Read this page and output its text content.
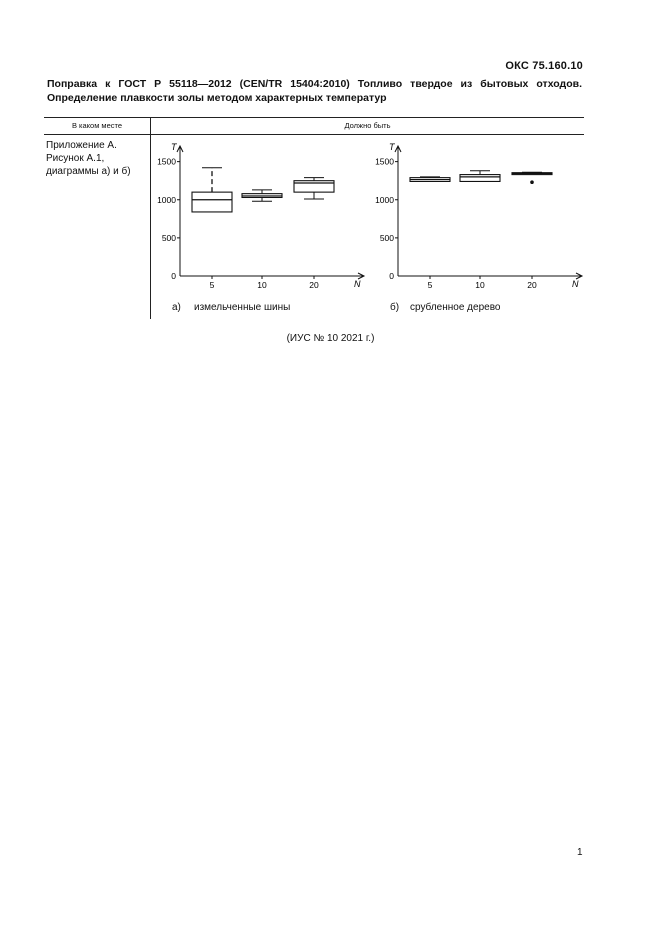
ОКС 75.160.10
Поправка к ГОСТ Р 55118—2012 (CEN/TR 15404:2010) Топливо твердое из бытовых отходов. Определение плавкости золы методом характерных температур
В каком месте	Должно быть
Приложение А. Рисунок А.1, диаграммы а) и б)
T
N
0
500
1000
1500
5	10	20
а) измельченные шины
T
N
0
500
1000
1500
5	10	20
б) срубленное дерево
(ИУС № 10 2021 г.)
1
